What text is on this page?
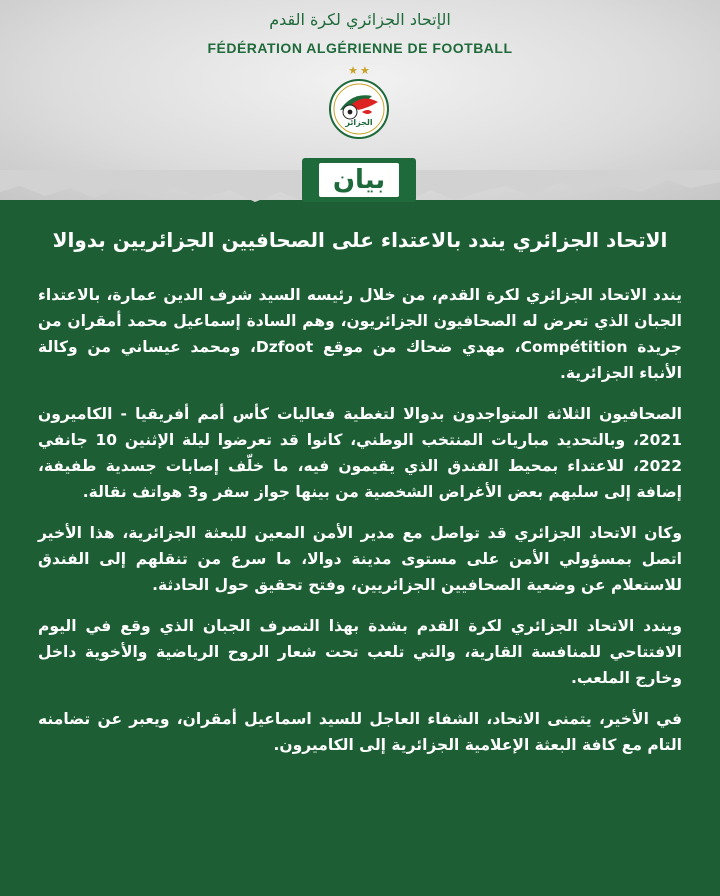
الإتحاد الجزائري لكرة القدم
FÉDÉRATION ALGÉRIENNE DE FOOTBALL
★★
الجزائر
بيان
الاتحاد الجزائري يندد بالاعتداء على الصحافيين الجزائريين بدوالا

يندد الاتحاد الجزائري لكرة القدم، من خلال رئيسه السيد شرف الدين عمارة، بالاعتداء الجبان الذي تعرض له الصحافيون الجزائريون، وهم السادة إسماعيل محمد أمقران من جريدة Compétition، مهدي ضحاك من موقع Dzfoot، ومحمد عيساني من وكالة الأنباء الجزائرية.

الصحافيون الثلاثة المتواجدون بدوالا لتغطية فعاليات كأس أمم أفريقيا - الكاميرون 2021، وبالتحديد مباريات المنتخب الوطني، كانوا قد تعرضوا ليلة الإثنين 10 جانفي 2022، للاعتداء بمحيط الفندق الذي يقيمون فيه، ما خلّف إصابات جسدية طفيفة، إضافة إلى سلبهم بعض الأغراض الشخصية من بينها جواز سفر و3 هواتف نقالة.

وكان الاتحاد الجزائري قد تواصل مع مدير الأمن المعين للبعثة الجزائرية، هذا الأخير اتصل بمسؤولي الأمن على مستوى مدينة دوالا، ما سرع من تنقلهم إلى الفندق للاستعلام عن وضعية الصحافيين الجزائريين، وفتح تحقيق حول الحادثة.

ويندد الاتحاد الجزائري لكرة القدم بشدة بهذا التصرف الجبان الذي وقع في اليوم الافتتاحي للمنافسة القارية، والتي تلعب تحت شعار الروح الرياضية والأخوية داخل وخارج الملعب.

في الأخير، يتمنى الاتحاد، الشفاء العاجل للسيد اسماعيل أمقران، ويعبر عن تضامنه التام مع كافة البعثة الإعلامية الجزائرية إلى الكاميرون.
